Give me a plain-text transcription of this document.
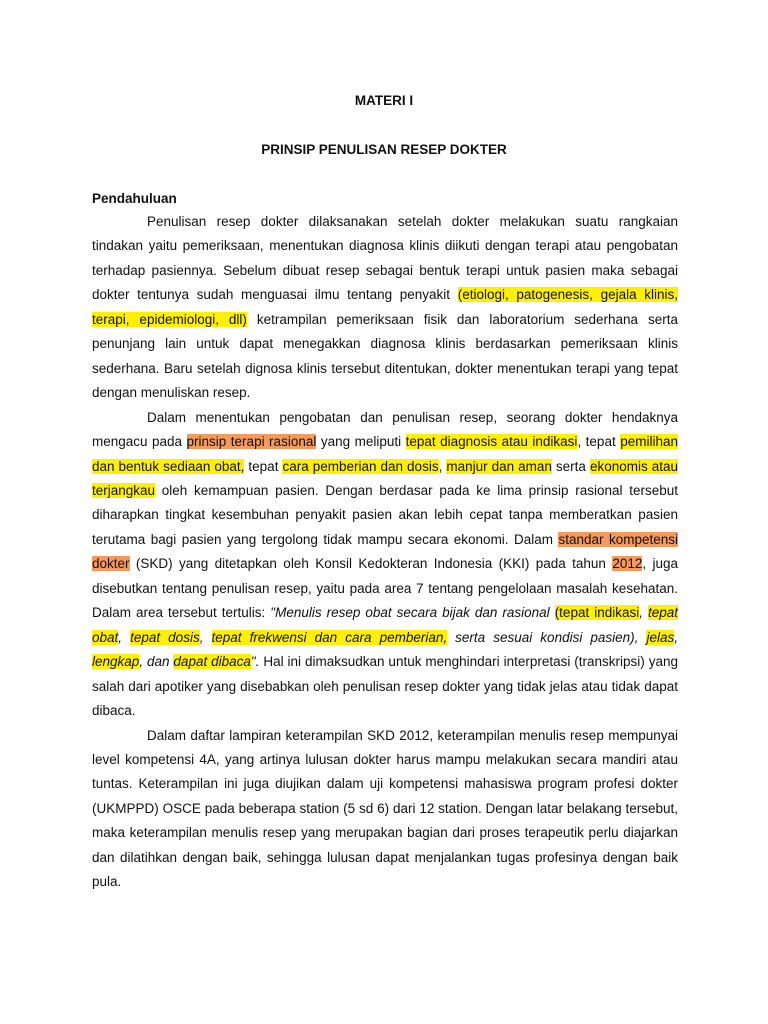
MATERI I
PRINSIP PENULISAN RESEP DOKTER
Pendahuluan

Penulisan resep dokter dilaksanakan setelah dokter melakukan suatu rangkaian tindakan yaitu pemeriksaan, menentukan diagnosa klinis diikuti dengan terapi atau pengobatan terhadap pasiennya. Sebelum dibuat resep sebagai bentuk terapi untuk pasien maka sebagai dokter tentunya sudah menguasai ilmu tentang penyakit (etiologi, patogenesis, gejala klinis, terapi, epidemiologi, dll) ketrampilan pemeriksaan fisik dan laboratorium sederhana serta penunjang lain untuk dapat menegakkan diagnosa klinis berdasarkan pemeriksaan klinis sederhana. Baru setelah dignosa klinis tersebut ditentukan, dokter menentukan terapi yang tepat dengan menuliskan resep.

Dalam menentukan pengobatan dan penulisan resep, seorang dokter hendaknya mengacu pada prinsip terapi rasional yang meliputi tepat diagnosis atau indikasi, tepat pemilihan dan bentuk sediaan obat, tepat cara pemberian dan dosis, manjur dan aman serta ekonomis atau terjangkau oleh kemampuan pasien. Dengan berdasar pada ke lima prinsip rasional tersebut diharapkan tingkat kesembuhan penyakit pasien akan lebih cepat tanpa memberatkan pasien terutama bagi pasien yang tergolong tidak mampu secara ekonomi. Dalam standar kompetensi dokter (SKD) yang ditetapkan oleh Konsil Kedokteran Indonesia (KKI) pada tahun 2012, juga disebutkan tentang penulisan resep, yaitu pada area 7 tentang pengelolaan masalah kesehatan. Dalam area tersebut tertulis: "Menulis resep obat secara bijak dan rasional (tepat indikasi, tepat obat, tepat dosis, tepat frekwensi dan cara pemberian, serta sesuai kondisi pasien), jelas, lengkap, dan dapat dibaca". Hal ini dimaksudkan untuk menghindari interpretasi (transkripsi) yang salah dari apotiker yang disebabkan oleh penulisan resep dokter yang tidak jelas atau tidak dapat dibaca.

Dalam daftar lampiran keterampilan SKD 2012, keterampilan menulis resep mempunyai level kompetensi 4A, yang artinya lulusan dokter harus mampu melakukan secara mandiri atau tuntas. Keterampilan ini juga diujikan dalam uji kompetensi mahasiswa program profesi dokter (UKMPPD) OSCE pada beberapa station (5 sd 6) dari 12 station. Dengan latar belakang tersebut, maka keterampilan menulis resep yang merupakan bagian dari proses terapeutik perlu diajarkan dan dilatihkan dengan baik, sehingga lulusan dapat menjalankan tugas profesinya dengan baik pula.
